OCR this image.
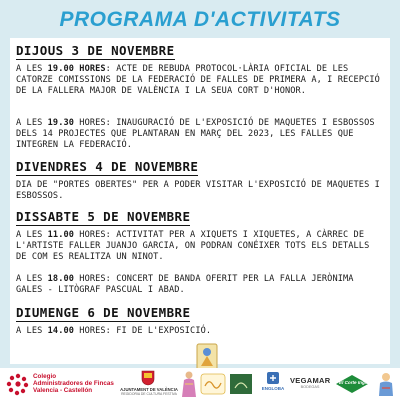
PROGRAMA D'ACTIVITATS
DIJOUS 3 DE NOVEMBRE
A LES 19.00 HORES: ACTE DE REBUDA PROTOCOL·LÀRIA OFICIAL DE LES CATORZE COMISSIONS DE LA FEDERACIÓ DE FALLES DE PRIMERA A, I RECEPCIÓ DE LA FALLERA MAJOR DE VALÈNCIA I LA SEUA CORT D'HONOR.
A LES 19.30 HORES: INAUGURACIÓ DE L'EXPOSICIÓ DE MAQUETES I ESBOSSOS DELS 14 PROJECTES QUE PLANTARAN EN MARÇ DEL 2023, LES FALLES QUE INTEGREN LA FEDERACIÓ.
DIVENDRES 4 DE NOVEMBRE
DIA DE "PORTES OBERTES" PER A PODER VISITAR L'EXPOSICIÓ DE MAQUETES I ESBOSSOS.
DISSABTE 5 DE NOVEMBRE
A LES 11.00 HORES: ACTIVITAT PER A XIQUETS I XIQUETES, A CÀRREC DE L'ARTISTE FALLER JUANJO GARCIA, ON PODRAN CONÉIXER TOTS ELS DETALLS DE COM ES REALITZA UN NINOT.
A LES 18.00 HORES: CONCERT DE BANDA OFERIT PER LA FALLA JERÒNIMA GALES - LITÒGRAF PASCUAL I ABAD.
DIUMENGE 6 DE NOVEMBRE
A LES 14.00 HORES: FI DE L'EXPOSICIÓ.
Colegio
Administradores de Fincas
Valencia - Castellón	AJUNTAMENT DE VALÈNCIA
REGIDORIA DE CULTURA FESTIVA
ENGLOBA
VEGAMAR
BODEGAS
El Corte Inglés
